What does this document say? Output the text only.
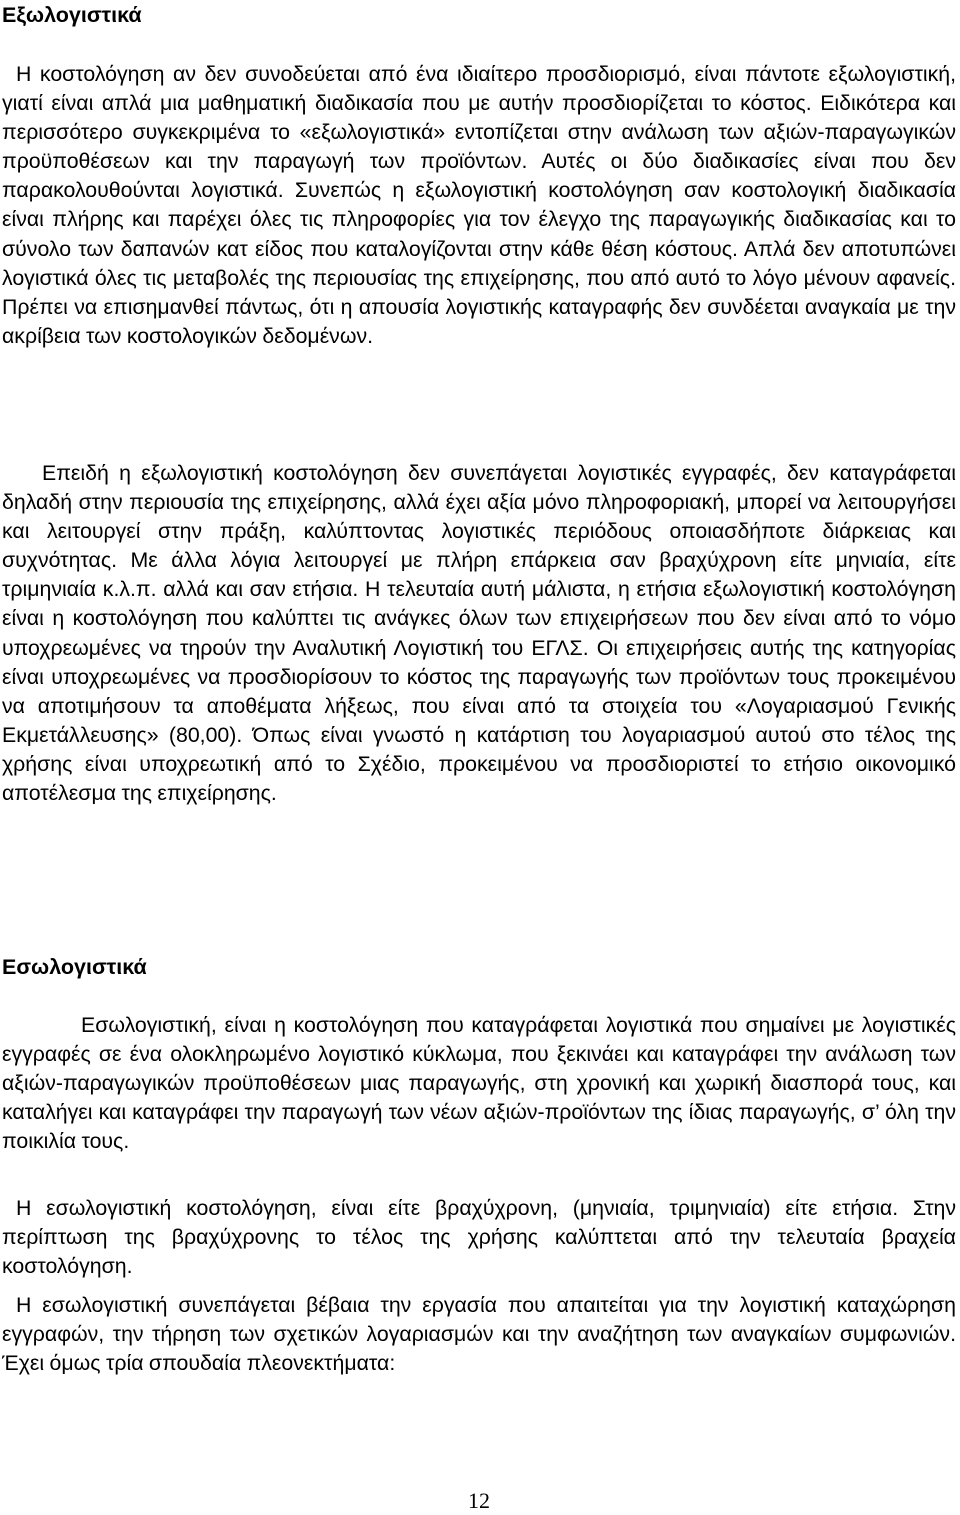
Εξωλογιστικά

Η κοστολόγηση αν δεν συνοδεύεται από ένα ιδιαίτερο προσδιορισμό, είναι πάντοτε εξωλογιστική, γιατί είναι απλά μια μαθηματική διαδικασία που με αυτήν προσδιορίζεται το κόστος. Ειδικότερα και περισσότερο συγκεκριμένα το «εξωλογιστικά» εντοπίζεται στην ανάλωση των αξιών-παραγωγικών προϋποθέσεων και την παραγωγή των προϊόντων. Αυτές οι δύο διαδικασίες είναι που δεν παρακολουθούνται λογιστικά. Συνεπώς η εξωλογιστική κοστολόγηση σαν κοστολογική διαδικασία είναι πλήρης και παρέχει όλες τις πληροφορίες για τον έλεγχο της παραγωγικής διαδικασίας και το σύνολο των δαπανών κατ είδος που καταλογίζονται στην κάθε θέση κόστους. Απλά δεν αποτυπώνει λογιστικά όλες τις μεταβολές της περιουσίας της επιχείρησης, που από αυτό το λόγο μένουν αφανείς. Πρέπει να επισημανθεί πάντως, ότι η απουσία λογιστικής καταγραφής δεν συνδέεται αναγκαία με την ακρίβεια των κοστολογικών δεδομένων.

Επειδή η εξωλογιστική κοστολόγηση δεν συνεπάγεται λογιστικές εγγραφές, δεν καταγράφεται δηλαδή στην περιουσία της επιχείρησης, αλλά έχει αξία μόνο πληροφοριακή, μπορεί να λειτουργήσει και λειτουργεί στην πράξη, καλύπτοντας λογιστικές περιόδους οποιασδήποτε διάρκειας και συχνότητας. Με άλλα λόγια λειτουργεί με πλήρη επάρκεια σαν βραχύχρονη είτε μηνιαία, είτε τριμηνιαία κ.λ.π. αλλά και σαν ετήσια. Η τελευταία αυτή μάλιστα, η ετήσια εξωλογιστική κοστολόγηση είναι η κοστολόγηση που καλύπτει τις ανάγκες όλων των επιχειρήσεων που δεν είναι από το νόμο υποχρεωμένες να τηρούν την Αναλυτική Λογιστική του ΕΓΛΣ. Οι επιχειρήσεις αυτής της κατηγορίας είναι υποχρεωμένες να προσδιορίσουν το κόστος της παραγωγής των προϊόντων τους προκειμένου να αποτιμήσουν τα αποθέματα λήξεως, που είναι από τα στοιχεία του «Λογαριασμού Γενικής Εκμετάλλευσης» (80,00). Όπως είναι γνωστό η κατάρτιση του λογαριασμού αυτού στο τέλος της χρήσης είναι υποχρεωτική από το Σχέδιο, προκειμένου να προσδιοριστεί το ετήσιο οικονομικό αποτέλεσμα της επιχείρησης.

Εσωλογιστικά

Εσωλογιστική, είναι η κοστολόγηση που καταγράφεται λογιστικά που σημαίνει με λογιστικές εγγραφές σε ένα ολοκληρωμένο λογιστικό κύκλωμα, που ξεκινάει και καταγράφει την ανάλωση των αξιών-παραγωγικών προϋποθέσεων μιας παραγωγής, στη χρονική και χωρική διασπορά τους, και καταλήγει και καταγράφει την παραγωγή των νέων αξιών-προϊόντων της ίδιας παραγωγής, σ’ όλη την ποικιλία τους.

Η εσωλογιστική κοστολόγηση, είναι είτε βραχύχρονη, (μηνιαία, τριμηνιαία) είτε ετήσια. Στην περίπτωση της βραχύχρονης το τέλος της χρήσης καλύπτεται από την τελευταία βραχεία κοστολόγηση.

Η εσωλογιστική συνεπάγεται βέβαια την εργασία που απαιτείται για την λογιστική καταχώρηση εγγραφών, την τήρηση των σχετικών λογαριασμών και την αναζήτηση των αναγκαίων συμφωνιών. Έχει όμως τρία σπουδαία πλεονεκτήματα:

12
